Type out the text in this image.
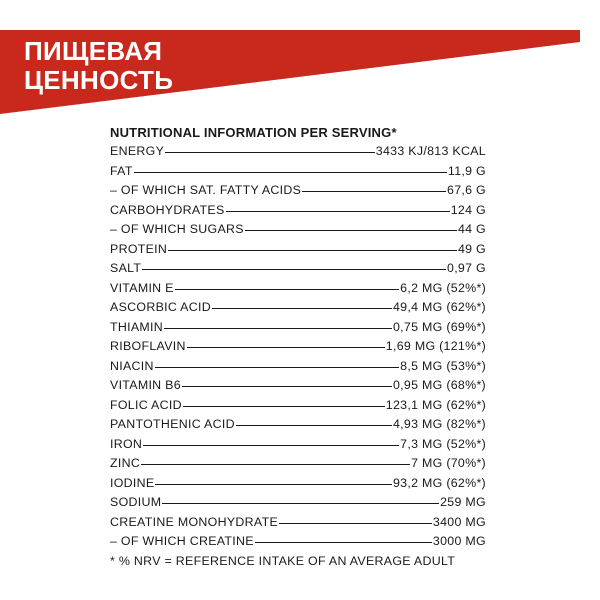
ПИЩЕВАЯ
ЦЕННОСТЬ
NUTRITIONAL INFORMATION PER SERVING*
ENERGY	3433 KJ/813 KCAL
FAT	11,9 G
– OF WHICH SAT. FATTY ACIDS	67,6 G
CARBOHYDRATES	124 G
– OF WHICH SUGARS	44 G
PROTEIN	49 G
SALT	0,97 G
VITAMIN E	6,2 MG (52%*)
ASCORBIC ACID	49,4 MG (62%*)
THIAMIN	0,75 MG (69%*)
RIBOFLAVIN	1,69 MG (121%*)
NIACIN	8,5 MG (53%*)
VITAMIN B6	0,95 MG (68%*)
FOLIC ACID	123,1 MG (62%*)
PANTOTHENIC ACID	4,93 MG (82%*)
IRON	7,3 MG (52%*)
ZINC	7 MG (70%*)
IODINE	93,2 MG (62%*)
SODIUM	259 MG
CREATINE MONOHYDRATE	3400 MG
– OF WHICH CREATINE	3000 MG

* % NRV = REFERENCE INTAKE OF AN AVERAGE ADULT
